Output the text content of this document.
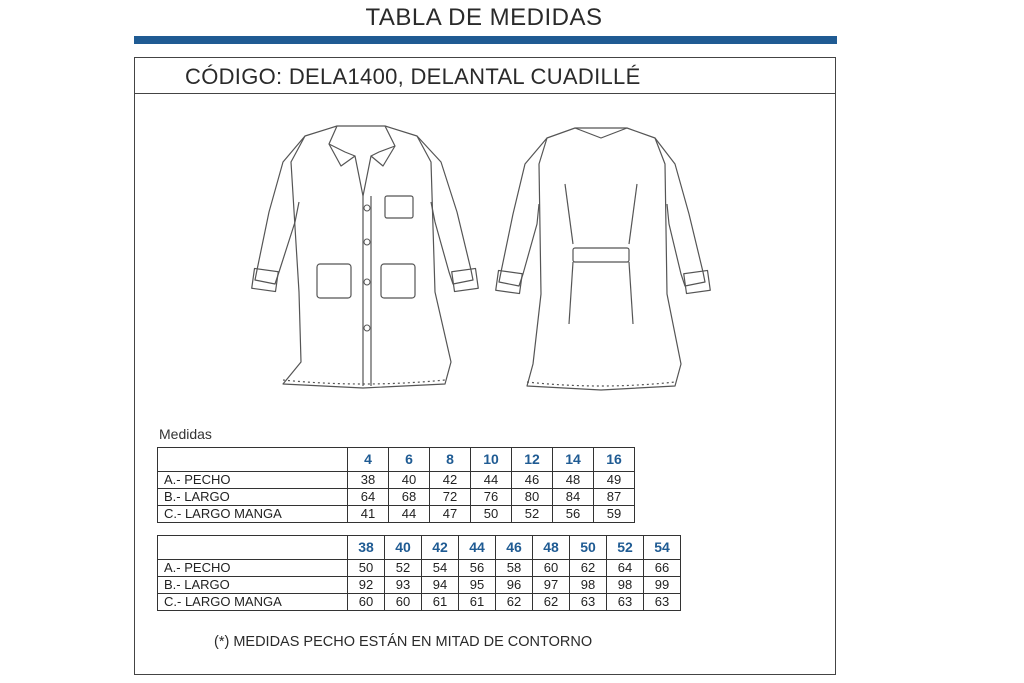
TABLA DE MEDIDAS
CÓDIGO: DELA1400, DELANTAL CUADILLÉ
Medidas
	4	6	8	10	12	14	16
A.- PECHO	38	40	42	44	46	48	49
B.- LARGO	64	68	72	76	80	84	87
C.- LARGO MANGA	41	44	47	50	52	56	59
	38	40	42	44	46	48	50	52	54
A.- PECHO	50	52	54	56	58	60	62	64	66
B.- LARGO	92	93	94	95	96	97	98	98	99
C.- LARGO MANGA	60	60	61	61	62	62	63	63	63
(*) MEDIDAS PECHO ESTÁN EN MITAD DE CONTORNO
